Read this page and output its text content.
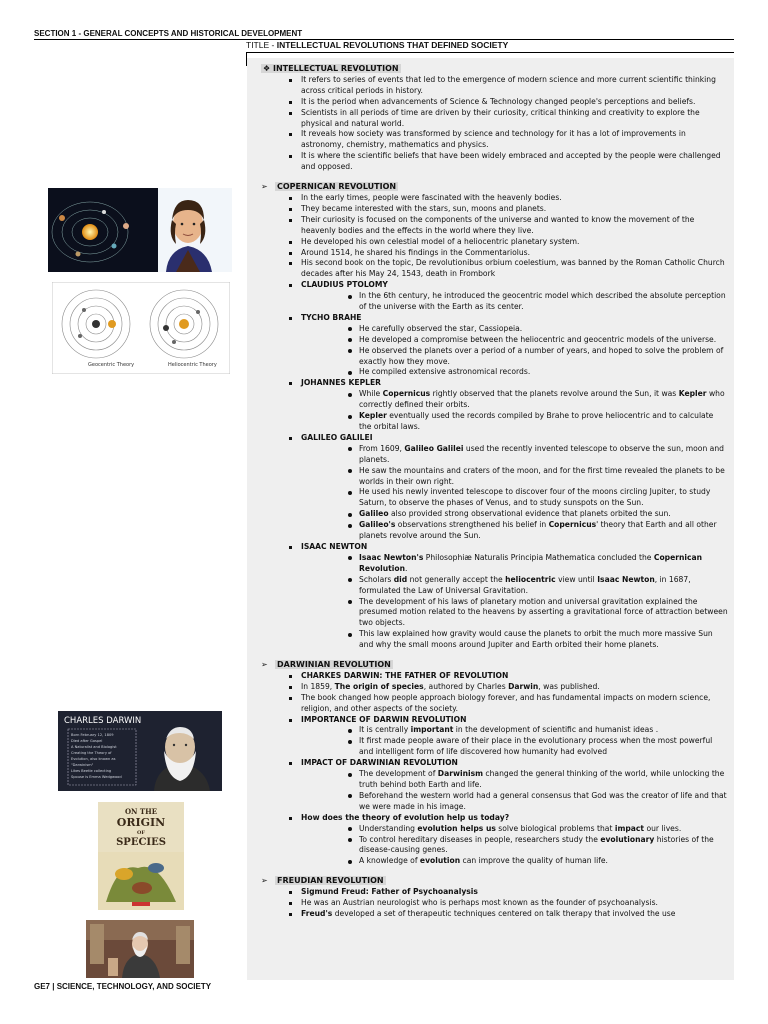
SECTION 1 - GENERAL CONCEPTS AND HISTORICAL DEVELOPMENT
TITLE - INTELLECTUAL REVOLUTIONS THAT DEFINED SOCIETY
Geocentric Theory	Heliocentric Theory
CHARLES DARWIN
Born February 12, 1809
Died after Gospel
A Naturalist and Biologist
Creating the Theory of
Evolution, also known as
"Darwinism"
Likes Beetle collecting
Spouse is Emma Wedgwood
ON THE
ORIGIN
OF
SPECIES
❖ INTELLECTUAL REVOLUTION
It refers to series of events that led to the emergence of modern science and more current scientific thinking across critical periods in history.
It is the period when advancements of Science & Technology changed people's perceptions and beliefs.
Scientists in all periods of time are driven by their curiosity, critical thinking and creativity to explore the physical and natural world.
It reveals how society was transformed by science and technology for it has a lot of improvements in astronomy, chemistry, mathematics and physics.
It is where the scientific beliefs that have been widely embraced and accepted by the people were challenged and opposed.
➢ COPERNICAN REVOLUTION
In the early times, people were fascinated with the heavenly bodies.
They became interested with the stars, sun, moons and planets.
Their curiosity is focused on the components of the universe and wanted to know the movement of the heavenly bodies and the effects in the world where they live.
He developed his own celestial model of a heliocentric planetary system.
Around 1514, he shared his findings in the Commentariolus.
His second book on the topic, De revolutionibus orbium coelestium, was banned by the Roman Catholic Church decades after his May 24, 1543, death in Frombork
CLAUDIUS PTOLOMY
In the 6th century, he introduced the geocentric model which described the absolute perception of the universe with the Earth as its center.
TYCHO BRAHE
He carefully observed the star, Cassiopeia.
He developed a compromise between the heliocentric and geocentric models of the universe.
He observed the planets over a period of a number of years, and hoped to solve the problem of exactly how they move.
He compiled extensive astronomical records.
JOHANNES KEPLER
While Copernicus rightly observed that the planets revolve around the Sun, it was Kepler who correctly defined their orbits.
Kepler eventually used the records compiled by Brahe to prove heliocentric and to calculate the orbital laws.
GALILEO GALILEI
From 1609, Galileo Galilei used the recently invented telescope to observe the sun, moon and planets.
He saw the mountains and craters of the moon, and for the first time revealed the planets to be worlds in their own right.
He used his newly invented telescope to discover four of the moons circling Jupiter, to study Saturn, to observe the phases of Venus, and to study sunspots on the Sun.
Galileo also provided strong observational evidence that planets orbited the sun.
Galileo's observations strengthened his belief in Copernicus' theory that Earth and all other planets revolve around the Sun.
ISAAC NEWTON
Isaac Newton's Philosophiæ Naturalis Principia Mathematica concluded the Copernican Revolution.
Scholars did not generally accept the heliocentric view until Isaac Newton, in 1687, formulated the Law of Universal Gravitation.
The development of his laws of planetary motion and universal gravitation explained the presumed motion related to the heavens by asserting a gravitational force of attraction between two objects.
This law explained how gravity would cause the planets to orbit the much more massive Sun and why the small moons around Jupiter and Earth orbited their home planets.
➢ DARWINIAN REVOLUTION
CHARKES DARWIN: THE FATHER OF REVOLUTION
In 1859, The origin of species, authored by Charles Darwin, was published.
The book changed how people approach biology forever, and has fundamental impacts on modern science, religion, and other aspects of the society.
IMPORTANCE OF DARWIN REVOLUTION
It is centrally important in the development of scientific and humanist ideas .
It first made people aware of their place in the evolutionary process when the most powerful and intelligent form of life discovered how humanity had evolved
IMPACT OF DARWINIAN REVOLUTION
The development of Darwinism changed the general thinking of the world, while unlocking the truth behind both Earth and life.
Beforehand the western world had a general consensus that God was the creator of life and that we were made in his image.
How does the theory of evolution help us today?
Understanding evolution helps us solve biological problems that impact our lives.
To control hereditary diseases in people, researchers study the evolutionary histories of the disease-causing genes.
A knowledge of evolution can improve the quality of human life.
➢ FREUDIAN REVOLUTION
Sigmund Freud: Father of Psychoanalysis
He was an Austrian neurologist who is perhaps most known as the founder of psychoanalysis.
Freud's developed a set of therapeutic techniques centered on talk therapy that involved the use
GE7 | SCIENCE, TECHNOLOGY, AND SOCIETY
